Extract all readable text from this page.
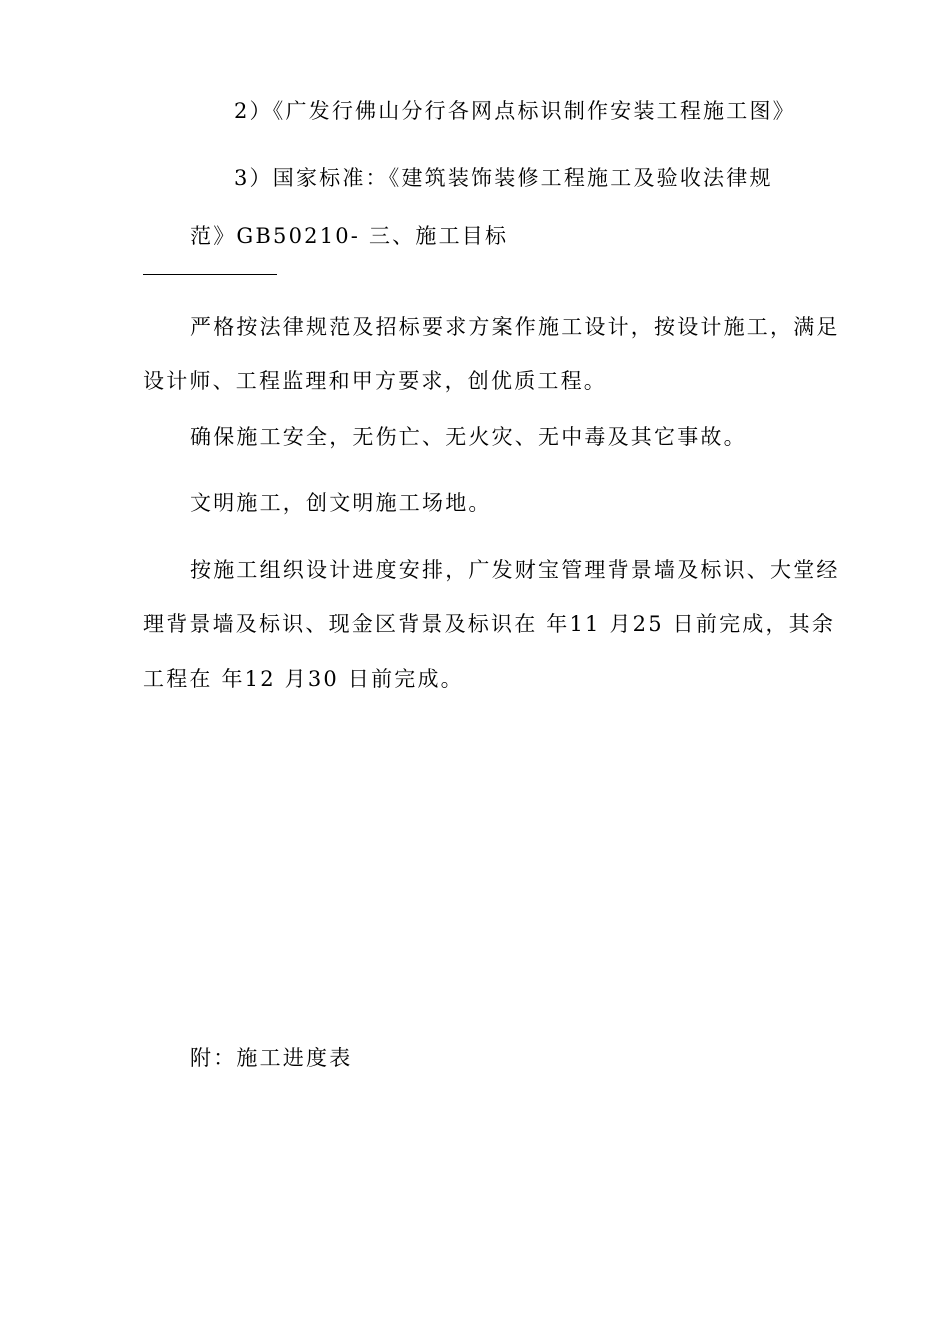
2）《广发行佛山分行各网点标识制作安装工程施工图》
3）国家标准：《建筑装饰装修工程施工及验收法律规
范》GB50210- 三、施工目标
严格按法律规范及招标要求方案作施工设计，按设计施工，满足
设计师、工程监理和甲方要求，创优质工程。
确保施工安全，无伤亡、无火灾、无中毒及其它事故。
文明施工，创文明施工场地。
按施工组织设计进度安排，广发财宝管理背景墙及标识、大堂经
理背景墙及标识、现金区背景及标识在 年11 月25 日前完成，其余
工程在 年12 月30 日前完成。
附：施工进度表
